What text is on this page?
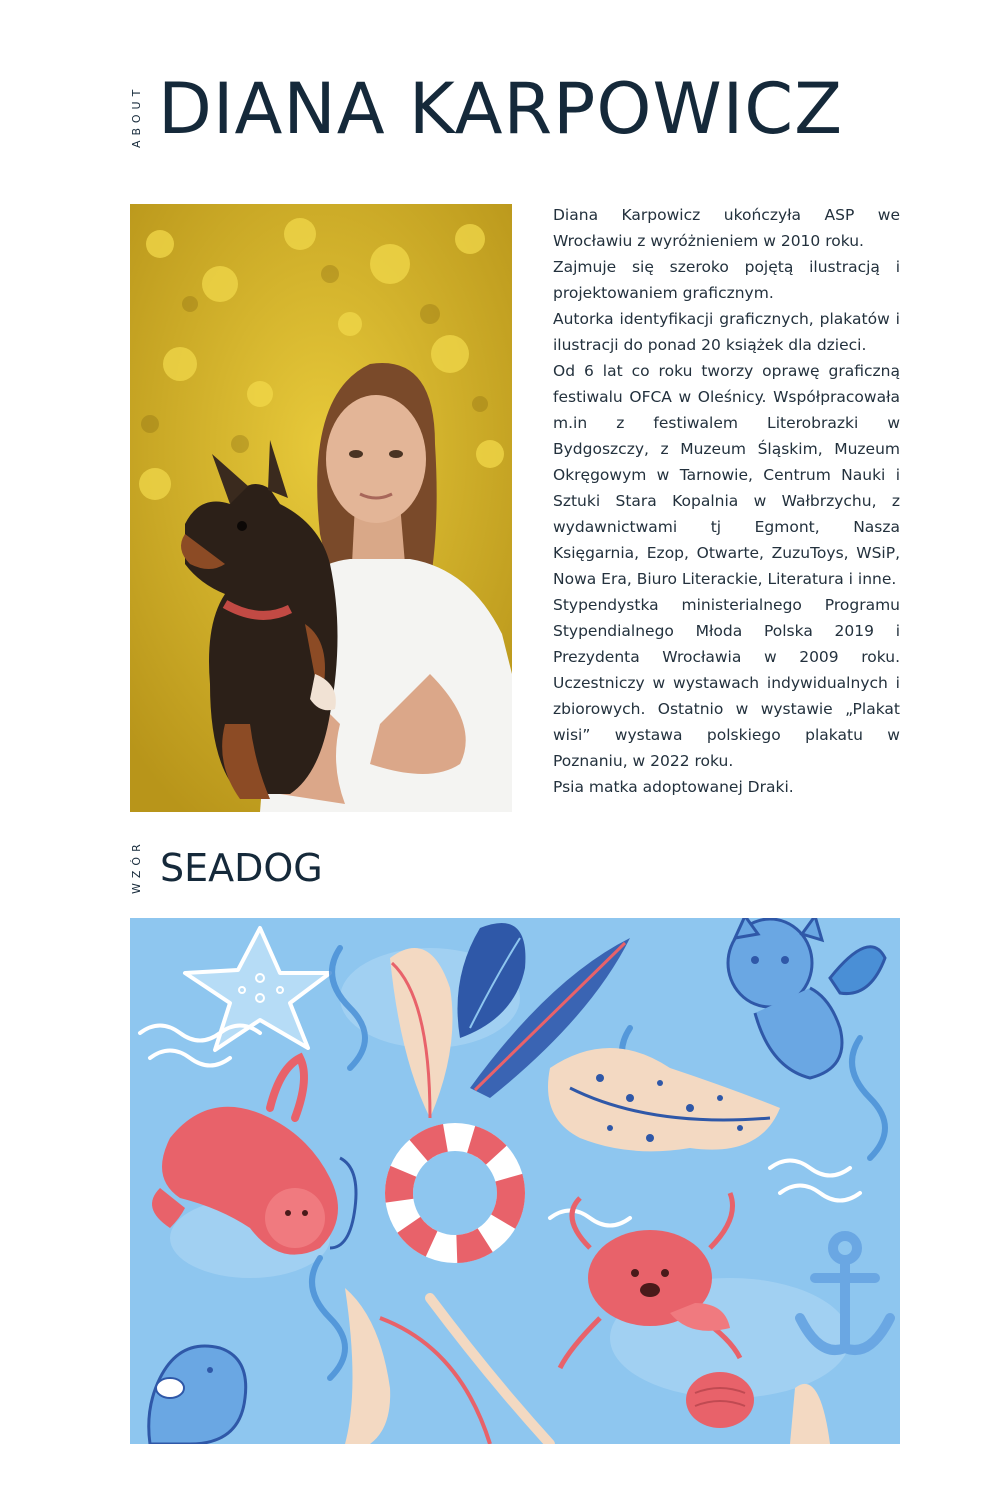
ABOUT DIANA KARPOWICZ

Diana Karpowicz ukończyła ASP we Wrocławiu z wyróżnieniem w 2010 roku.

Zajmuje się szeroko pojętą ilustracją i projektowaniem graficznym.

Autorka identyfikacji graficznych, plakatów i ilustracji do ponad 20 książek dla dzieci.

Od 6 lat co roku tworzy oprawę graficzną festiwalu OFCA w Oleśnicy. Współpracowała m.in z festiwalem Literobrazki w Bydgoszczy, z Muzeum Śląskim, Muzeum Okręgowym w Tarnowie, Centrum Nauki i Sztuki Stara Kopalnia w Wałbrzychu, z wydawnictwami tj Egmont, Nasza Księgarnia, Ezop, Otwarte, ZuzuToys, WSiP, Nowa Era, Biuro Literackie, Literatura i inne.

Stypendystka ministerialnego Programu Stypendialnego Młoda Polska 2019 i Prezydenta Wrocławia w 2009 roku. Uczestniczy w wystawach indywidualnych i zbiorowych. Ostatnio w wystawie „Plakat wisi” wystawa polskiego plakatu w Poznaniu, w 2022 roku.

Psia matka adoptowanej Draki.

WZÓR SEADOG
